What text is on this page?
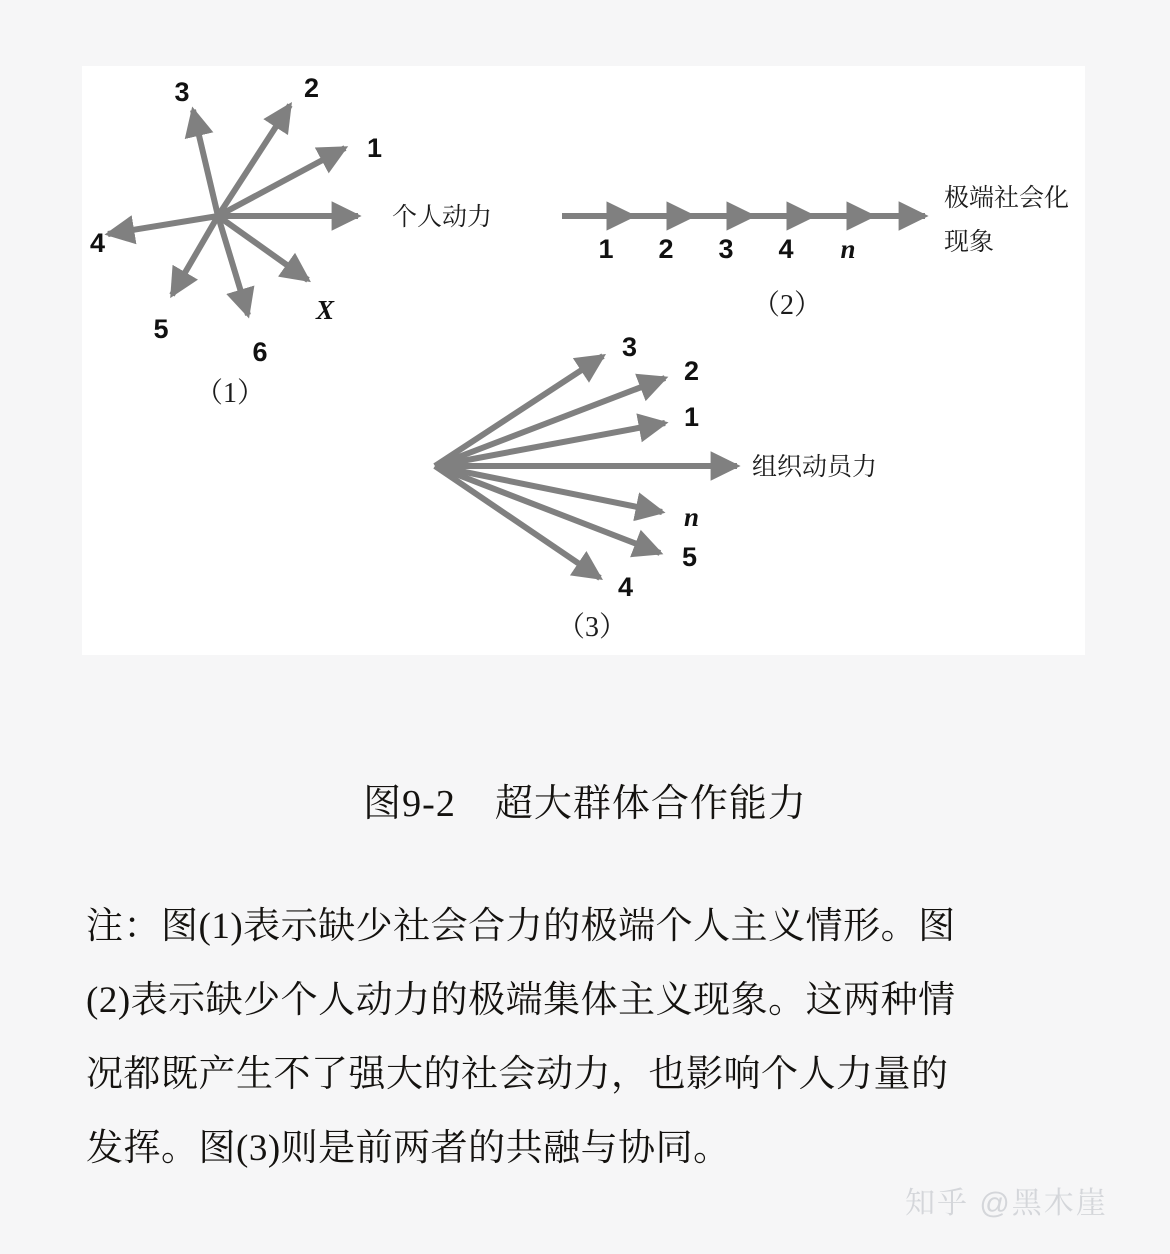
1
2
3
4
5
6
X
个人动力
（1）
1 2 3 4 n
极端社会化
现象
（2）
3
2
1
n
5
4
组织动员力
（3）
图9-2　超大群体合作能力
注：图(1)表示缺少社会合力的极端个人主义情形。图
(2)表示缺少个人动力的极端集体主义现象。这两种情
况都既产生不了强大的社会动力，也影响个人力量的
发挥。图(3)则是前两者的共融与协同。
知乎 @黑木崖
